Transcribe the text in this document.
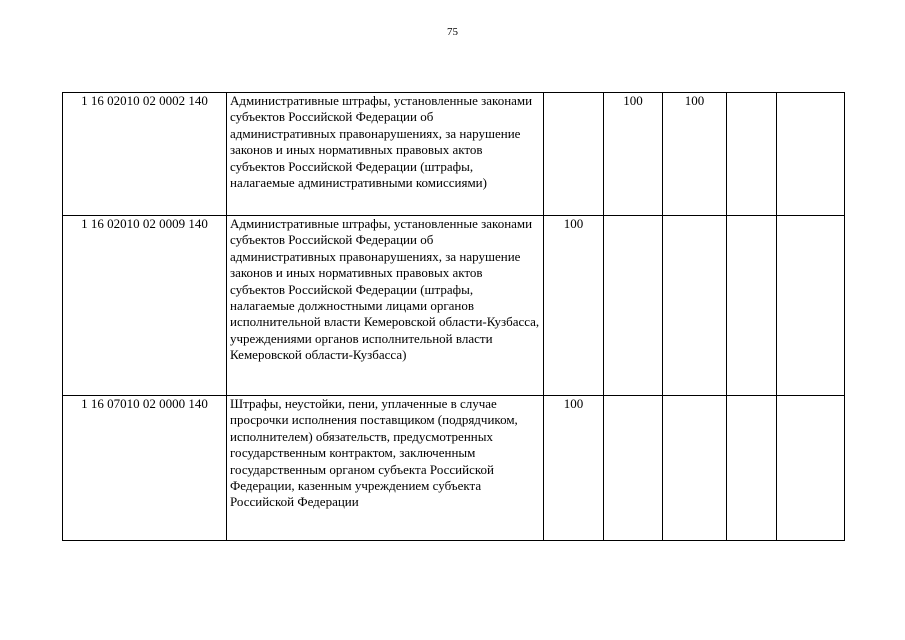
75
1 16 02010 02 0002 140	Административные штрафы, установленные законами субъектов Российской Федерации об административных правонарушениях, за нарушение законов и иных нормативных правовых актов субъектов Российской Федерации (штрафы, налагаемые административными комиссиями)		100	100		
1 16 02010 02 0009 140	Административные штрафы, установленные законами субъектов Российской Федерации об административных правонарушениях, за нарушение законов и иных нормативных правовых актов субъектов Российской Федерации (штрафы, налагаемые должностными лицами органов исполнительной власти Кемеровской области-Кузбасса, учреждениями органов исполнительной власти Кемеровской области-Кузбасса)	100				
1 16 07010 02 0000 140	Штрафы, неустойки, пени, уплаченные в случае просрочки исполнения поставщиком (подрядчиком, исполнителем) обязательств, предусмотренных государственным контрактом, заключенным государственным органом субъекта Российской Федерации, казенным учреждением субъекта Российской Федерации	100				
